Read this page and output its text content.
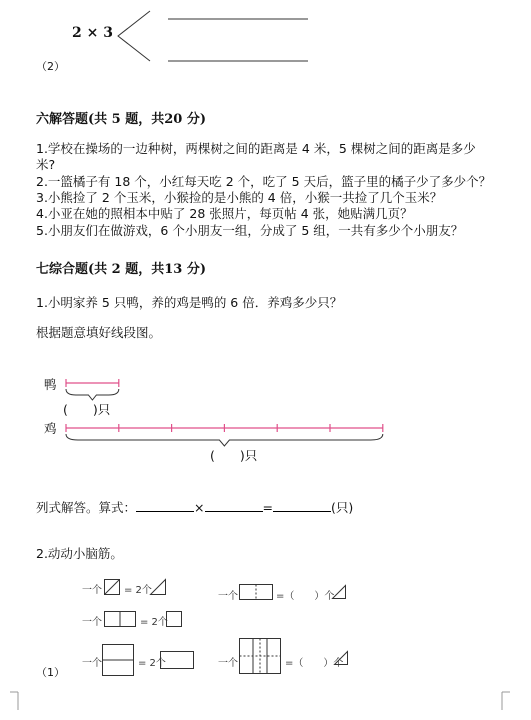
2 × 3
（2）
六解答题(共 5 题，共20 分)
1.学校在操场的一边种树，两棵树之间的距离是 4 米，5 棵树之间的距离是多少
米?
2.一篮橘子有 18 个，小红每天吃 2 个，吃了 5 天后，篮子里的橘子少了多少个？
3.小熊捡了 2 个玉米，小猴捡的是小熊的 4 倍，小猴一共捡了几个玉米？
4.小亚在她的照相本中贴了 28 张照片，每页帖 4 张，她贴满几页？
5.小朋友们在做游戏，6 个小朋友一组，分成了 5 组，一共有多少个小朋友？
七综合题(共 2 题，共13 分)
1.小明家养 5 只鸭，养的鸡是鸭的 6 倍．养鸡多少只？
根据题意填好线段图。
鸭
鸡
(　　)只
(　　)只
列式解答。算式：	×	=	(只)
2.动动小脑筋。
一个 = 2个
一个	= 2个
一个	= 2个
一个	=（　　）个
一个	=（　　）个
（1）
